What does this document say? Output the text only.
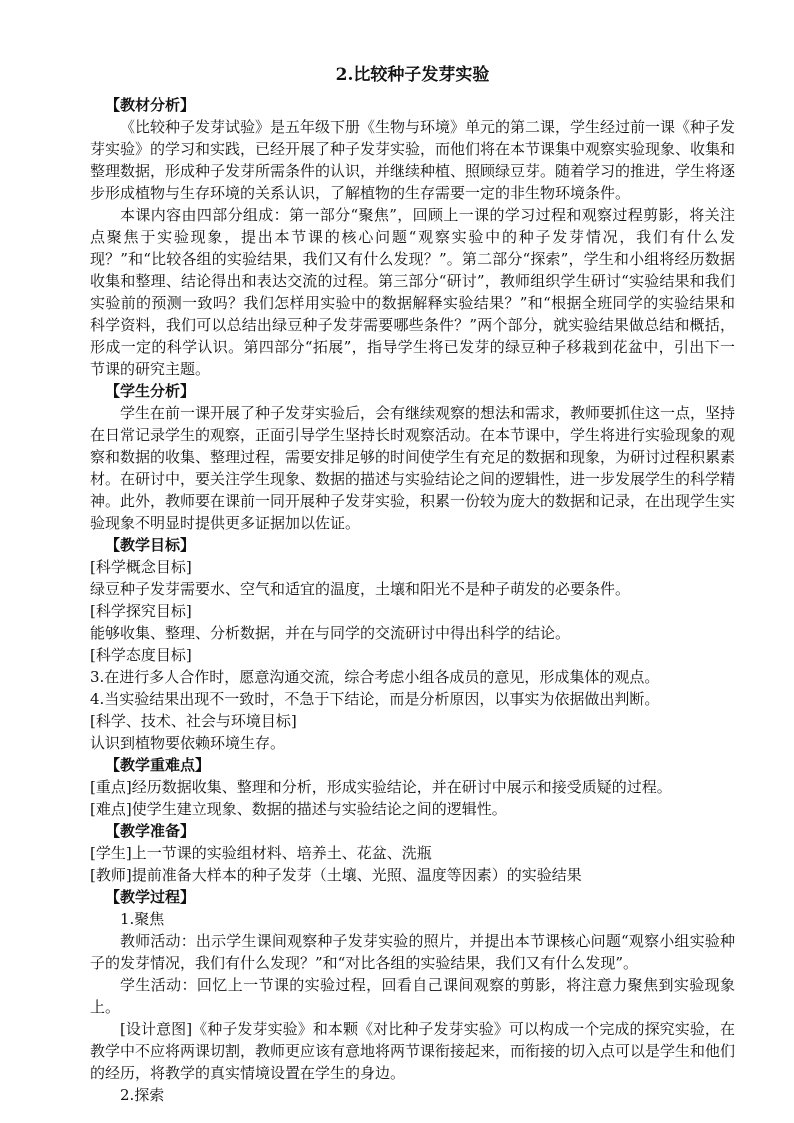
2.比较种子发芽实验
【教材分析】

《比较种子发芽试验》是五年级下册《生物与环境》单元的第二课，学生经过前一课《种子发芽实验》的学习和实践，已经开展了种子发芽实验，而他们将在本节课集中观察实验现象、收集和整理数据，形成种子发芽所需条件的认识，并继续种植、照顾绿豆芽。随着学习的推进，学生将逐步形成植物与生存环境的关系认识，了解植物的生存需要一定的非生物环境条件。

本课内容由四部分组成：第一部分“聚焦”，回顾上一课的学习过程和观察过程剪影，将关注点聚焦于实验现象，提出本节课的核心问题“观察实验中的种子发芽情况，我们有什么发现？”和“比较各组的实验结果，我们又有什么发现？”。第二部分“探索”，学生和小组将经历数据收集和整理、结论得出和表达交流的过程。第三部分“研讨”，教师组织学生研讨“实验结果和我们实验前的预测一致吗？我们怎样用实验中的数据解释实验结果？”和“根据全班同学的实验结果和科学资料，我们可以总结出绿豆种子发芽需要哪些条件？”两个部分，就实验结果做总结和概括，形成一定的科学认识。第四部分“拓展”，指导学生将已发芽的绿豆种子移栽到花盆中，引出下一节课的研究主题。

【学生分析】

学生在前一课开展了种子发芽实验后，会有继续观察的想法和需求，教师要抓住这一点，坚持在日常记录学生的观察，正面引导学生坚持长时观察活动。在本节课中，学生将进行实验现象的观察和数据的收集、整理过程，需要安排足够的时间使学生有充足的数据和现象，为研讨过程积累素材。在研讨中，要关注学生现象、数据的描述与实验结论之间的逻辑性，进一步发展学生的科学精神。此外，教师要在课前一同开展种子发芽实验，积累一份较为庞大的数据和记录，在出现学生实验现象不明显时提供更多证据加以佐证。

【教学目标】

[科学概念目标]

绿豆种子发芽需要水、空气和适宜的温度，土壤和阳光不是种子萌发的必要条件。

[科学探究目标]

能够收集、整理、分析数据，并在与同学的交流研讨中得出科学的结论。

[科学态度目标]

3.在进行多人合作时，愿意沟通交流，综合考虑小组各成员的意见，形成集体的观点。

4.当实验结果出现不一致时，不急于下结论，而是分析原因，以事实为依据做出判断。

[科学、技术、社会与环境目标]

认识到植物要依赖环境生存。

【教学重难点】

[重点]经历数据收集、整理和分析，形成实验结论，并在研讨中展示和接受质疑的过程。

[难点]使学生建立现象、数据的描述与实验结论之间的逻辑性。

【教学准备】

[学生]上一节课的实验组材料、培养土、花盆、洗瓶

[教师]提前准备大样本的种子发芽（土壤、光照、温度等因素）的实验结果

【教学过程】

1.聚焦

教师活动：出示学生课间观察种子发芽实验的照片，并提出本节课核心问题“观察小组实验种子的发芽情况，我们有什么发现？”和“对比各组的实验结果，我们又有什么发现”。

学生活动：回忆上一节课的实验过程，回看自己课间观察的剪影，将注意力聚焦到实验现象上。

[设计意图]《种子发芽实验》和本颗《对比种子发芽实验》可以构成一个完成的探究实验，在教学中不应将两课切割，教师更应该有意地将两节课衔接起来，而衔接的切入点可以是学生和他们的经历，将教学的真实情境设置在学生的身边。

2.探索
